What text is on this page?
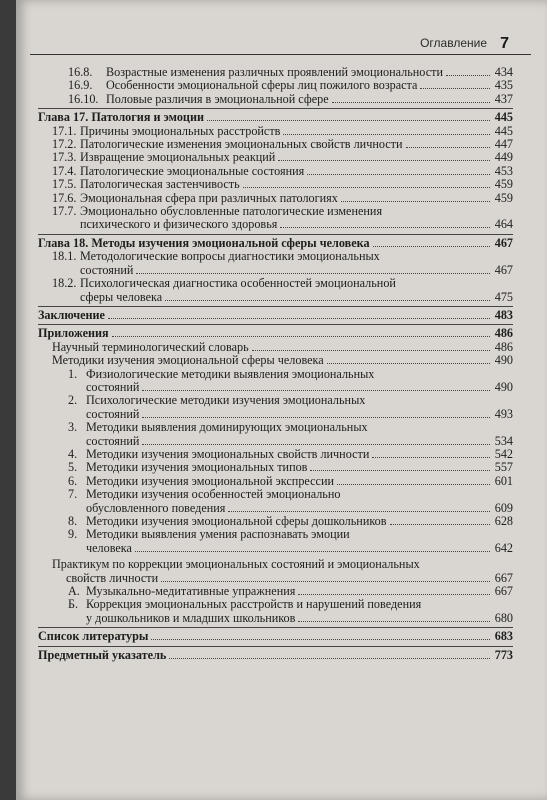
Оглавление 7
16.8. Возрастные изменения различных проявлений эмоциональности	434
16.9. Особенности эмоциональной сферы лиц пожилого возраста	435
16.10. Половые различия в эмоциональной сфере	437
Глава 17. Патология и эмоции	445
17.1. Причины эмоциональных расстройств	445
17.2. Патологические изменения эмоциональных свойств личности	447
17.3. Извращение эмоциональных реакций	449
17.4. Патологические эмоциональные состояния	453
17.5. Патологическая застенчивость	459
17.6. Эмоциональная сфера при различных патологиях	459
17.7. Эмоционально обусловленные патологические изменения
психического и физического здоровья	464
Глава 18. Методы изучения эмоциональной сферы человека	467
18.1. Методологические вопросы диагностики эмоциональных
состояний	467
18.2. Психологическая диагностика особенностей эмоциональной
сферы человека	475
Заключение	483
Приложения	486
Научный терминологический словарь	486
Методики изучения эмоциональной сферы человека	490
1. Физиологические методики выявления эмоциональных
состояний	490
2. Психологические методики изучения эмоциональных
состояний	493
3. Методики выявления доминирующих эмоциональных
состояний	534
4. Методики изучения эмоциональных свойств личности	542
5. Методики изучения эмоциональных типов	557
6. Методики изучения эмоциональной экспрессии	601
7. Методики изучения особенностей эмоционально
обусловленного поведения	609
8. Методики изучения эмоциональной сферы дошкольников	628
9. Методики выявления умения распознавать эмоции
человека	642
Практикум по коррекции эмоциональных состояний и эмоциональных
свойств личности	667
А. Музыкально-медитативные упражнения	667
Б. Коррекция эмоциональных расстройств и нарушений поведения
у дошкольников и младших школьников	680
Список литературы	683
Предметный указатель	773
